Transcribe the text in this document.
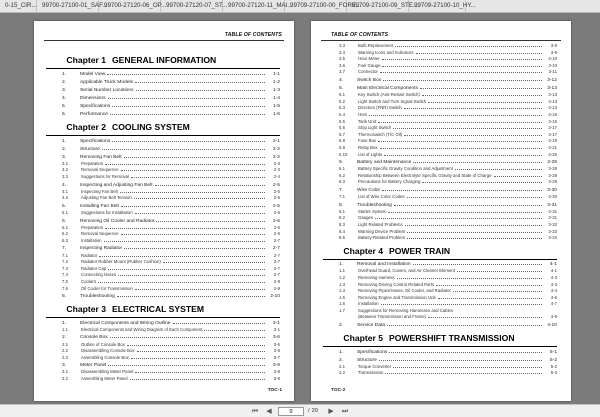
0-15_CIR... 99700-27100-01_SAF...
99700-27120-06_OP... 99700-27120-07_ST... 99700-27120-11_MAI...
99709-27100-00_FORE...
99709-27100-09_STE...
99709-27100-10_HY...
TABLE OF CONTENTS
Chapter 1 GENERAL INFORMATION
1.	Model View	1-1
2.	Applicable Truck Models	1-2
3.	Serial Number Locations	1-3
4.	Dimensions	1-4
5.	Specifications	1-5
6.	Performance	1-6
Chapter 2 COOLING SYSTEM
1.	Specifications	2-1
2.	Structure	2-2
3.	Removing Fan Belt	2-2
3.1	Preparation	2-3
3.2	Removal Sequence	2-3
3.3	Suggestions for Removal	2-4
4.	Inspecting and Adjusting Fan Belt	2-5
4.1	Inspecting Fan Belt	2-5
4.2	Adjusting Fan Belt Tension	2-5
5.	Installing Fan Belt	2-5
5.1	Suggestions for Installation	2-5
6.	Removing Oil Cooler and Radiator	2-6
6.1	Preparation	2-6
6.2	Removal Sequence	2-6
6.3	Installation	2-7
7.	Inspecting Radiator	2-7
7.1	Radiator	2-7
7.2	Radiator Rubber Mount (Rubber Cushion)	2-7
7.3	Radiator Cap	2-7
7.4	Connecting Hoses	2-7
7.5	Coolant	2-8
7.6	Oil Cooler for Transmission	2-9
8.	Troubleshooting	2-10
Chapter 3 ELECTRICAL SYSTEM
1.	Electrical Components and Wiring Outline	3-1
1.1	Electrical Components and Wiring Diagram of Each Component	3-1
2.	Console Box	3-6
2.1	Outline of Console Box	3-6
2.2	Disassembling Console Box	3-6
2.3	Assembling Console Box	3-7
3.	Meter Panel	3-8
3.1	Disassembling Meter Panel	3-8
3.2	Assembling Meter Panel	3-8
TOC-1
TABLE OF CONTENTS
3.3	Bulb Replacement	3-8
3.4	Warning Icons and Indicators	3-9
3.5	Hour Meter	3-10
3.6	Fuel Gauge	3-10
3.7	Connector	3-11
4.	Switch Box	3-12
5.	Main Electrical Components	3-13
5.1	Key Switch (Anti-Restart Switch)	3-13
5.2	Light Switch and Turn Signal Switch	3-13
5.3	Direction (FNR) Switch	3-13
5.4	Horn	3-16
5.5	Tank Unit	3-16
5.6	Stop Light Switch	3-17
5.7	Thermoswitch (T/C Oil)	3-17
5.8	Fuse Box	3-19
5.9	Relay Box	3-21
5.10	List of Lights	3-26
6.	Battery and Maintenance	3-28
6.1	Battery Specific Gravity Condition and Adjustment	3-28
6.2	Relationship Between Electrolyte Specific Gravity and State of Charge	3-28
6.3	Precautions for Battery Charging	3-29
7.	Wire Color	3-30
7.1	List of Wire Color Codes	3-30
8.	Troubleshooting	3-31
8.1	Starter System	3-31
8.2	Gauges	3-31
8.3	Light Related Problems	3-32
8.4	Warning Device Problem	3-33
8.5	Battery-Related Problem	3-34
Chapter 4 POWER TRAIN
1.	Removal and Installation	4-1
1.1	Overhead Guard, Covers, and Air Cleaner Element	4-1
1.2	Removing Harness	4-3
1.3	Removing Driving Control Related Parts	4-3
1.4	Removing Pipes/Hoses, Oil Cooler, and Radiator	4-4
1.5	Removing Engine and Transmission Unit	4-6
1.6	Installation	4-7
1.7	Suggestions for Removing Harnesses and Cables
(Between Transmission and Frame)	4-9
2.	Service Data	4-10
Chapter 5 POWERSHIFT TRANSMISSION
1.	Specifications	5-1
2.	Structure	5-2
2.1	Torque Converter	5-2
2.2	Transmission	5-3
TOC-2
⏮	◀	9	/ 20	▶	⏭
